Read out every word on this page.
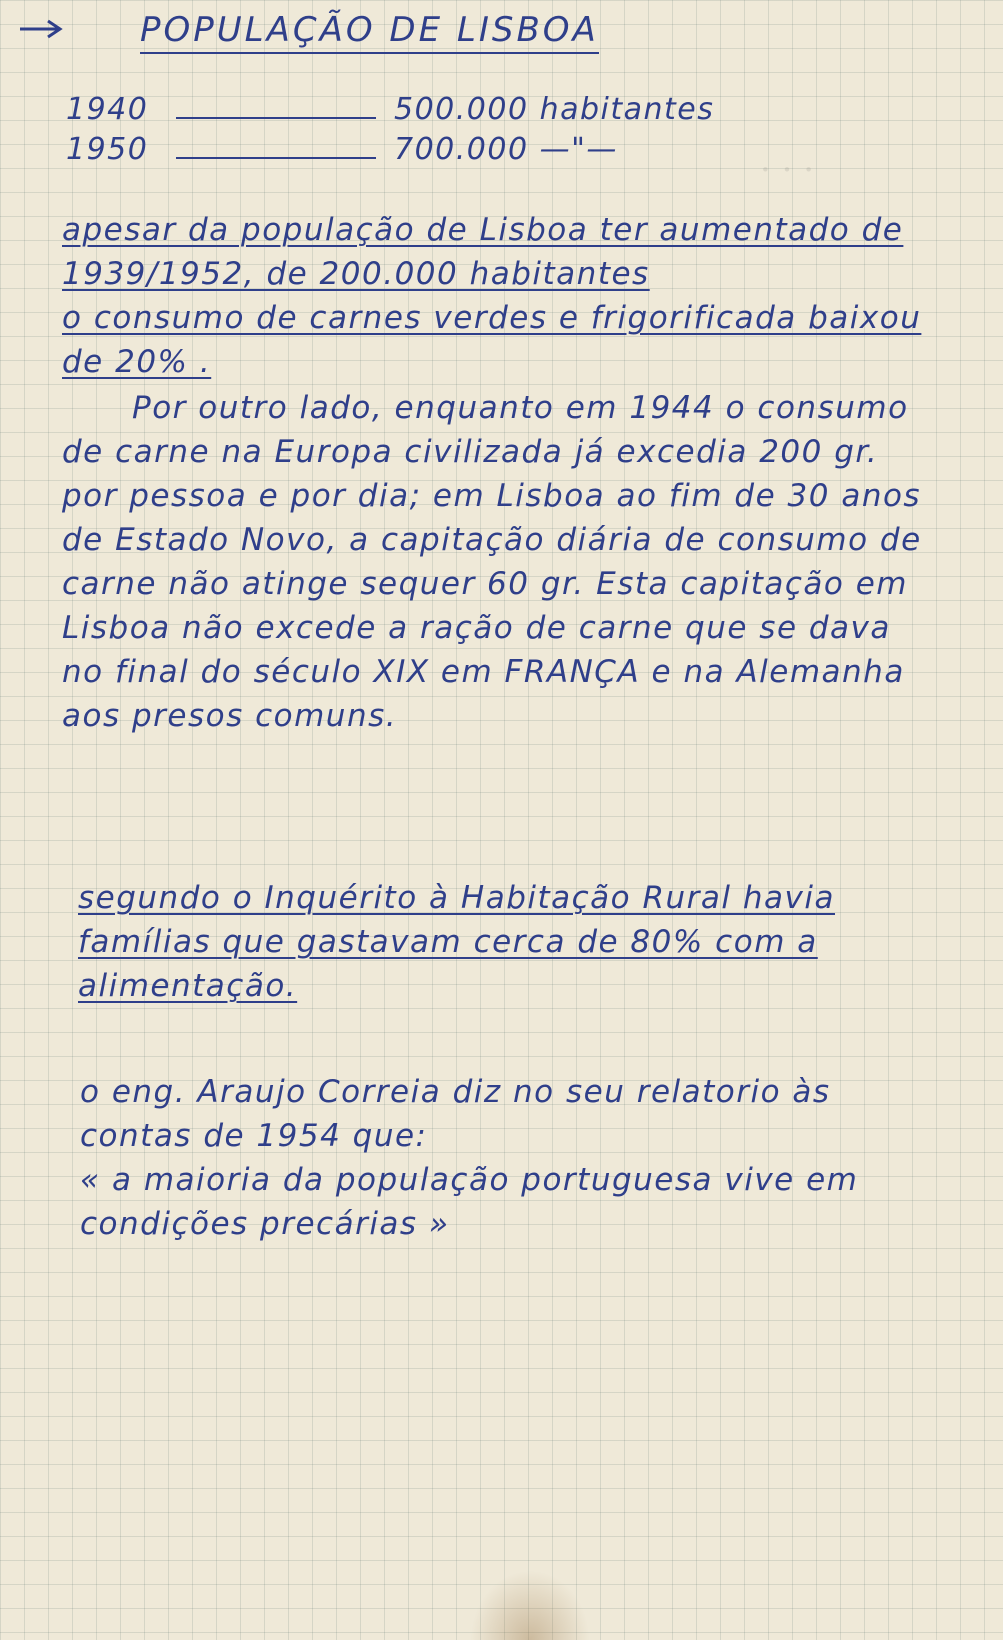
· · ·
POPULAÇÃO DE LISBOA
1940	500.000 habitantes
1950	700.000 —"—

apesar da população de Lisboa ter aumentado de 1939/1952, de 200.000 habitantes
o consumo de carnes verdes e frigorificada baixou de 20% .

Por outro lado, enquanto em 1944 o consumo de carne na Europa civilizada já excedia 200 gr. por pessoa e por dia; em Lisboa ao fim de 30 anos de Estado Novo, a capitação diária de consumo de carne não atinge sequer 60 gr. Esta capitação em Lisboa não excede a ração de carne que se dava no final do século XIX em FRANÇA e na Alemanha aos presos comuns.

segundo o Inquérito à Habitação Rural havia famílias que gastavam cerca de 80% com a alimentação.

o eng. Araujo Correia diz no seu relatorio às contas de 1954 que:
« a maioria da população portuguesa vive em condições precárias »
